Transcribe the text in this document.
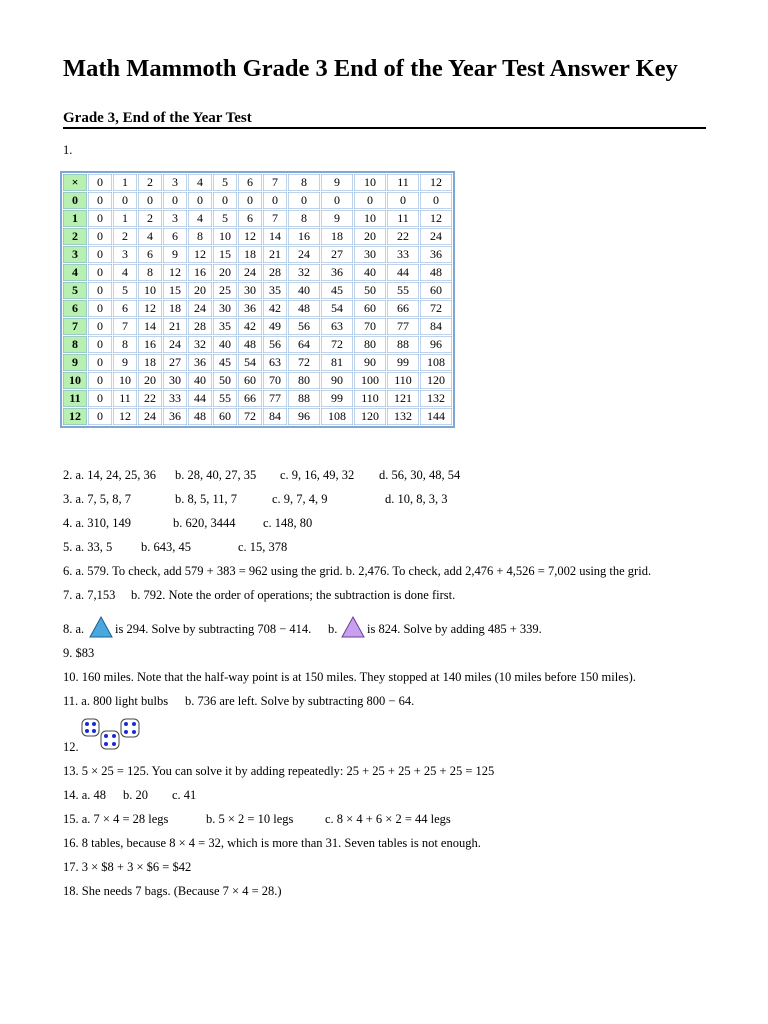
Math Mammoth Grade 3 End of the Year Test Answer Key
Grade 3, End of the Year Test
1.
×	0	1	2	3	4	5	6	7	8	9	10	11	12
0	0	0	0	0	0	0	0	0	0	0	0	0	0
1	0	1	2	3	4	5	6	7	8	9	10	11	12
2	0	2	4	6	8	10	12	14	16	18	20	22	24
3	0	3	6	9	12	15	18	21	24	27	30	33	36
4	0	4	8	12	16	20	24	28	32	36	40	44	48
5	0	5	10	15	20	25	30	35	40	45	50	55	60
6	0	6	12	18	24	30	36	42	48	54	60	66	72
7	0	7	14	21	28	35	42	49	56	63	70	77	84
8	0	8	16	24	32	40	48	56	64	72	80	88	96
9	0	9	18	27	36	45	54	63	72	81	90	99	108
10	0	10	20	30	40	50	60	70	80	90	100	110	120
11	0	11	22	33	44	55	66	77	88	99	110	121	132
12	0	12	24	36	48	60	72	84	96	108	120	132	144
2. a. 14, 24, 25, 36 b. 28, 40, 27, 35 c. 9, 16, 49, 32 d. 56, 30, 48, 54
3. a. 7, 5, 8, 7	b. 8, 5, 11, 7	c. 9, 7, 4, 9	d. 10, 8, 3, 3
4. a. 310, 149	b. 620, 3444 c. 148, 80
5. a. 33, 5 b. 643, 45	c. 15, 378
6. a. 579. To check, add 579 + 383 = 962 using the grid. b. 2,476. To check, add 2,476 + 4,526 = 7,002 using the grid.
7. a. 7,153 b. 792. Note the order of operations; the subtraction is done first.
8. a. is 294. Solve by subtracting 708 − 414. b. is 824. Solve by adding 485 + 339.
9. $83
10. 160 miles. Note that the half-way point is at 150 miles. They stopped at 140 miles (10 miles before 150 miles).
11. a. 800 light bulbs b. 736 are left. Solve by subtracting 800 − 64.
12.
13. 5 × 25 = 125. You can solve it by adding repeatedly: 25 + 25 + 25 + 25 + 25 = 125
14. a. 48 b. 20 c. 41
15. a. 7 × 4 = 28 legs	b. 5 × 2 = 10 legs	c. 8 × 4 + 6 × 2 = 44 legs
16. 8 tables, because 8 × 4 = 32, which is more than 31. Seven tables is not enough.
17. 3 × $8 + 3 × $6 = $42
18. She needs 7 bags. (Because 7 × 4 = 28.)
